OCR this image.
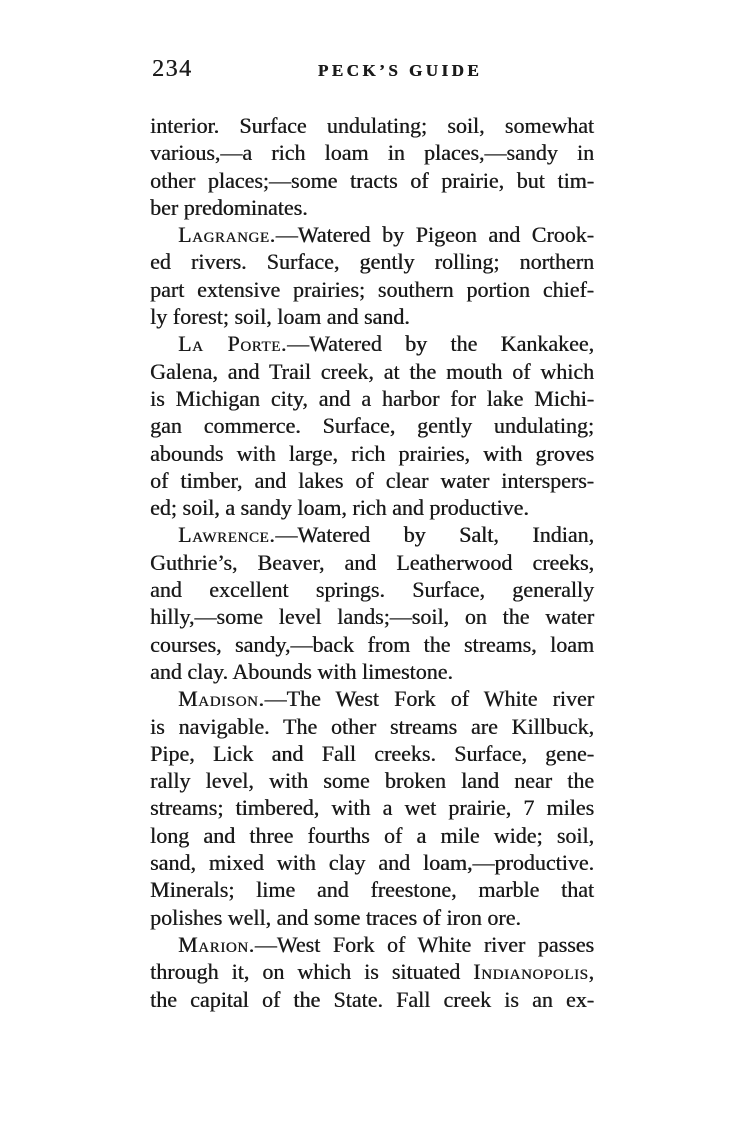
234	PECK’S GUIDE
interior. Surface undulating; soil, somewhat
various,—a rich loam in places,—sandy in
other places;—some tracts of prairie, but tim-
ber predominates.
Lagrange.—Watered by Pigeon and Crook-
ed rivers. Surface, gently rolling; northern
part extensive prairies; southern portion chief-
ly forest; soil, loam and sand.
La Porte.—Watered by the Kankakee,
Galena, and Trail creek, at the mouth of which
is Michigan city, and a harbor for lake Michi-
gan commerce. Surface, gently undulating;
abounds with large, rich prairies, with groves
of timber, and lakes of clear water interspers-
ed; soil, a sandy loam, rich and productive.
Lawrence.—Watered by Salt, Indian,
Guthrie’s, Beaver, and Leatherwood creeks,
and excellent springs. Surface, generally
hilly,—some level lands;—soil, on the water
courses, sandy,—back from the streams, loam
and clay. Abounds with limestone.
Madison.—The West Fork of White river
is navigable. The other streams are Killbuck,
Pipe, Lick and Fall creeks. Surface, gene-
rally level, with some broken land near the
streams; timbered, with a wet prairie, 7 miles
long and three fourths of a mile wide; soil,
sand, mixed with clay and loam,—productive.
Minerals; lime and freestone, marble that
polishes well, and some traces of iron ore.
Marion.—West Fork of White river passes
through it, on which is situated Indianopolis,
the capital of the State. Fall creek is an ex-
